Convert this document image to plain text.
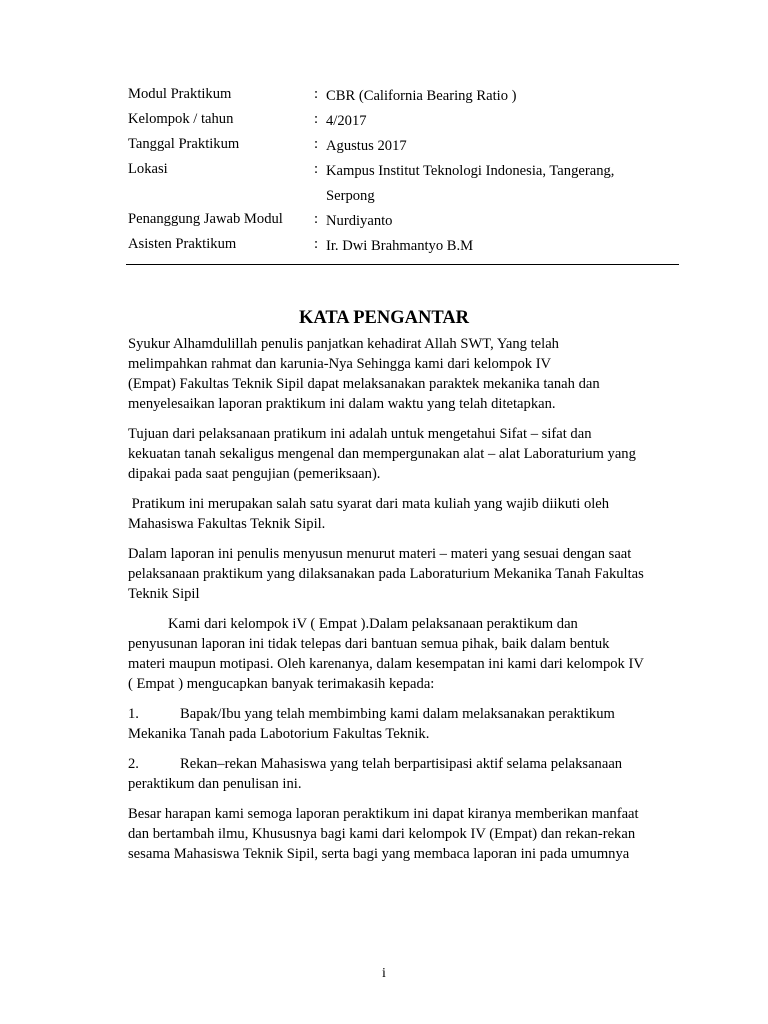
Modul Praktikum	: CBR (California Bearing Ratio )
Kelompok / tahun	: 4/2017
Tanggal Praktikum	: Agustus 2017
Lokasi	: Kampus Institut Teknologi Indonesia, Tangerang, Serpong
Penanggung Jawab Modul : Nurdiyanto
Asisten Praktikum	: Ir. Dwi Brahmantyo B.M
KATA PENGANTAR

Syukur Alhamdulillah penulis panjatkan kehadirat Allah SWT, Yang telah
melimpahkan rahmat dan karunia-Nya Sehingga kami dari kelompok IV
(Empat) Fakultas Teknik Sipil dapat melaksanakan paraktek mekanika tanah dan
menyelesaikan laporan praktikum ini dalam waktu yang telah ditetapkan.

Tujuan dari pelaksanaan pratikum ini adalah untuk mengetahui Sifat – sifat dan
kekuatan tanah sekaligus mengenal dan mempergunakan alat – alat Laboraturium yang
dipakai pada saat pengujian (pemeriksaan).

Pratikum ini merupakan salah satu syarat dari mata kuliah yang wajib diikuti oleh
Mahasiswa Fakultas Teknik Sipil.

Dalam laporan ini penulis menyusun menurut materi – materi yang sesuai dengan saat
pelaksanaan praktikum yang dilaksanakan pada Laboraturium Mekanika Tanah Fakultas
Teknik Sipil

Kami dari kelompok iV ( Empat ).Dalam pelaksanaan peraktikum dan
penyusunan laporan ini tidak telepas dari bantuan semua pihak, baik dalam bentuk
materi maupun motipasi. Oleh karenanya, dalam kesempatan ini kami dari kelompok IV
( Empat ) mengucapkan banyak terimakasih kepada:

1.	Bapak/Ibu yang telah membimbing kami dalam melaksanakan peraktikum
Mekanika Tanah pada Labotorium Fakultas Teknik.

2.	Rekan–rekan Mahasiswa yang telah berpartisipasi aktif selama pelaksanaan
peraktikum dan penulisan ini.

Besar harapan kami semoga laporan peraktikum ini dapat kiranya memberikan manfaat
dan bertambah ilmu, Khususnya bagi kami dari kelompok IV (Empat) dan rekan-rekan
sesama Mahasiswa Teknik Sipil, serta bagi yang membaca laporan ini pada umumnya

i
